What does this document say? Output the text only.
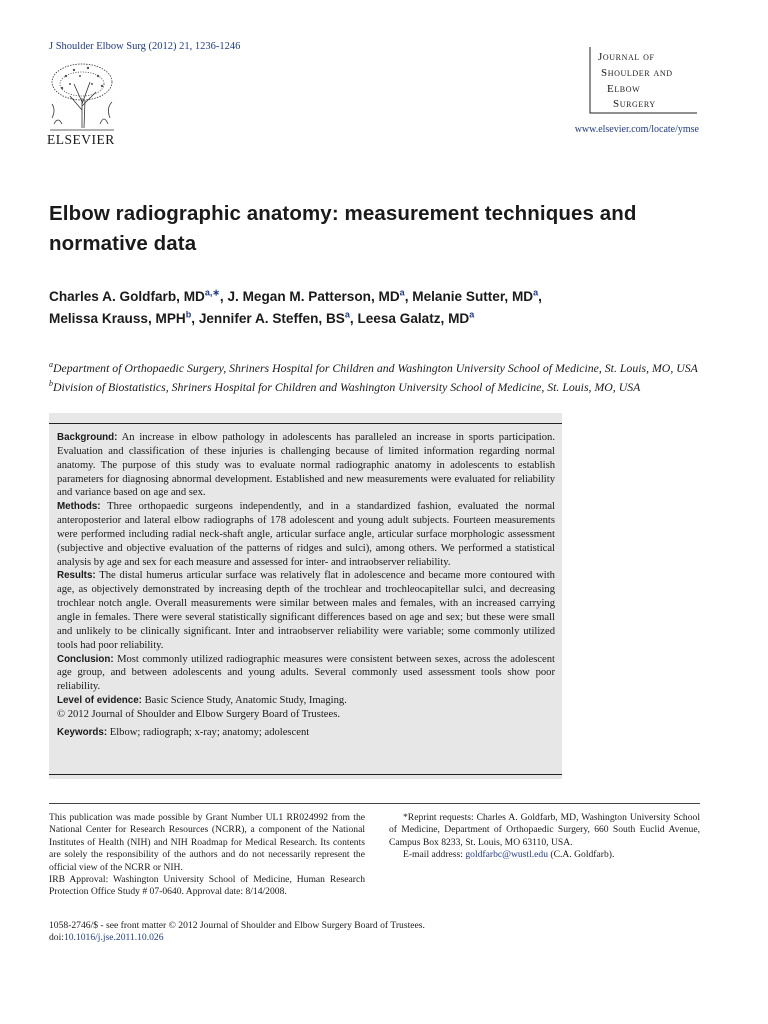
J Shoulder Elbow Surg (2012) 21, 1236-1246
ELSEVIER
Journal of
Shoulder and
Elbow
Surgery
www.elsevier.com/locate/ymse
Elbow radiographic anatomy: measurement techniques and normative data
Charles A. Goldfarb, $MD^{a,∗}$, J. Megan M. Patterson, $MD^a$, Melanie Sutter, $MD^a$,
Melissa Krauss, MPH$^b$, Jennifer A. Steffen, $BS^a$, Leesa Galatz, $MD^a$
$^a$Department of Orthopaedic Surgery, Shriners Hospital for Children and Washington University School of Medicine, St. Louis, MO, USA
$^b$Division of Biostatistics, Shriners Hospital for Children and Washington University School of Medicine, St. Louis, MO, USA

Background: An increase in elbow pathology in adolescents has paralleled an increase in sports participation. Evaluation and classification of these injuries is challenging because of limited information regarding normal anatomy. The purpose of this study was to evaluate normal radiographic anatomy in adolescents to establish parameters for diagnosing abnormal development. Established and new measurements were evaluated for reliability and variance based on age and sex.

Methods: Three orthopaedic surgeons independently, and in a standardized fashion, evaluated the normal anteroposterior and lateral elbow radiographs of 178 adolescent and young adult subjects. Fourteen measurements were performed including radial neck-shaft angle, articular surface angle, articular surface morphologic assessment (subjective and objective evaluation of the patterns of ridges and sulci), among others. We performed a statistical analysis by age and sex for each measure and assessed for inter- and intraobserver reliability.

Results: The distal humerus articular surface was relatively flat in adolescence and became more contoured with age, as objectively demonstrated by increasing depth of the trochlear and trochleocapitellar sulci, and decreasing trochlear notch angle. Overall measurements were similar between males and females, with an increased carrying angle in females. There were several statistically significant differences based on age and sex; but these were small and unlikely to be clinically significant. Inter and intraobserver reliability were variable; some commonly utilized tools had poor reliability.

Conclusion: Most commonly utilized radiographic measures were consistent between sexes, across the adolescent age group, and between adolescents and young adults. Several commonly used assessment tools show poor reliability.

Level of evidence: Basic Science Study, Anatomic Study, Imaging.

© 2012 Journal of Shoulder and Elbow Surgery Board of Trustees.

Keywords: Elbow; radiograph; x-ray; anatomy; adolescent

This publication was made possible by Grant Number UL1 RR024992 from the National Center for Research Resources (NCRR), a component of the National Institutes of Health (NIH) and NIH Roadmap for Medical Research. Its contents are solely the responsibility of the authors and do not necessarily represent the official view of the NCRR or NIH.

IRB Approval: Washington University School of Medicine, Human Research Protection Office Study # 07-0640. Approval date: 8/14/2008.

*Reprint requests: Charles A. Goldfarb, MD, Washington University School of Medicine, Department of Orthopaedic Surgery, 660 South Euclid Avenue, Campus Box 8233, St. Louis, MO 63110, USA.

E-mail address: goldfarbc@wustl.edu (C.A. Goldfarb).

1058-2746/$ - see front matter © 2012 Journal of Shoulder and Elbow Surgery Board of Trustees.

doi:10.1016/j.jse.2011.10.026
